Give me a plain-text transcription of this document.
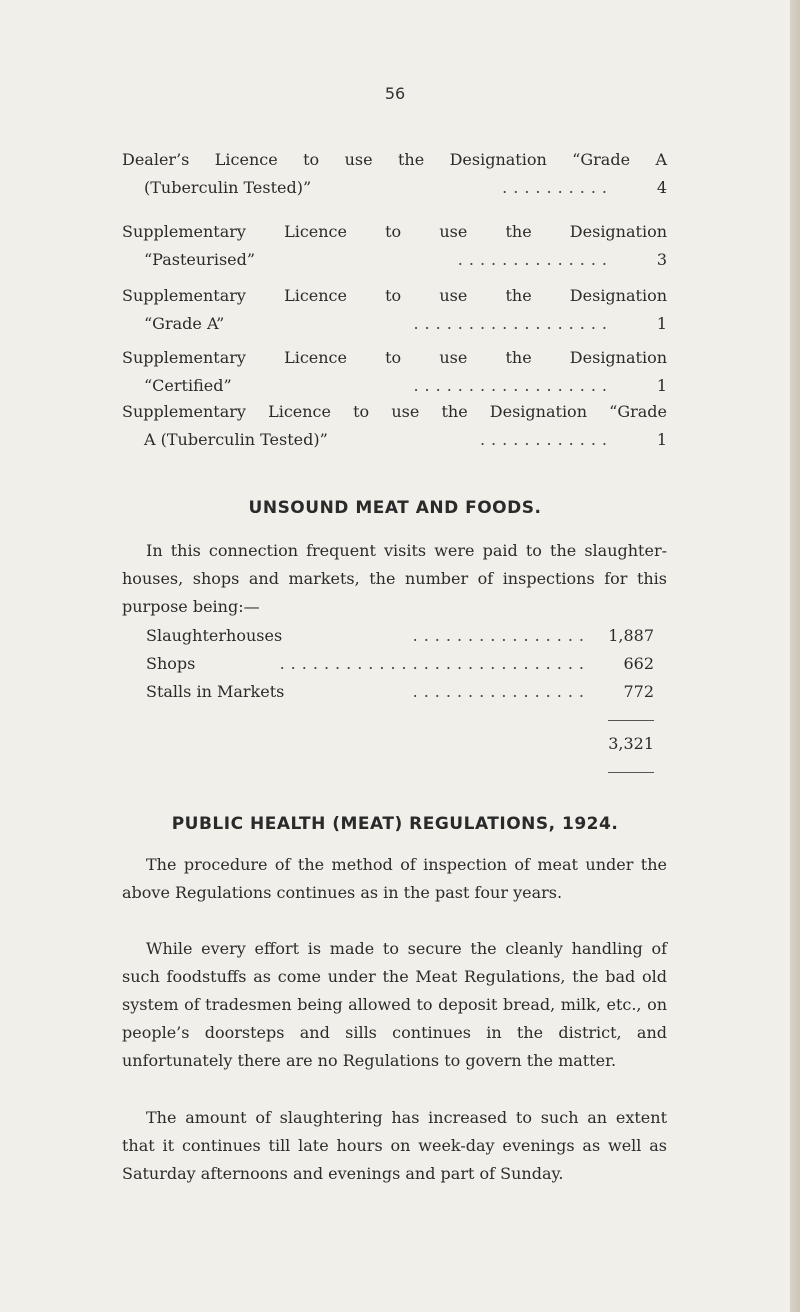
56
Dealer’s Licence to use the Designation “Grade A
(Tuberculin Tested)”	..........	4
Supplementary Licence to use the Designation
“Pasteurised”	..............	3
Supplementary Licence to use the Designation
“Grade A”	..................	1
Supplementary Licence to use the Designation
“Certified”	..................	1
Supplementary Licence to use the Designation “Grade
A (Tuberculin Tested)”	............	1
UNSOUND MEAT AND FOODS.
In this connection frequent visits were paid to the slaughter-houses, shops and markets, the number of inspections for this purpose being:—
Slaughterhouses	................	1,887
Shops	............................	662
Stalls in Markets	................	772
3,321
PUBLIC HEALTH (MEAT) REGULATIONS, 1924.
The procedure of the method of inspection of meat under the above Regulations continues as in the past four years.
While every effort is made to secure the cleanly handling of such foodstuffs as come under the Meat Regulations, the bad old system of tradesmen being allowed to deposit bread, milk, etc., on people’s doorsteps and sills continues in the district, and unfortunately there are no Regulations to govern the matter.
The amount of slaughtering has increased to such an extent that it continues till late hours on week-day evenings as well as Saturday afternoons and evenings and part of Sunday.
